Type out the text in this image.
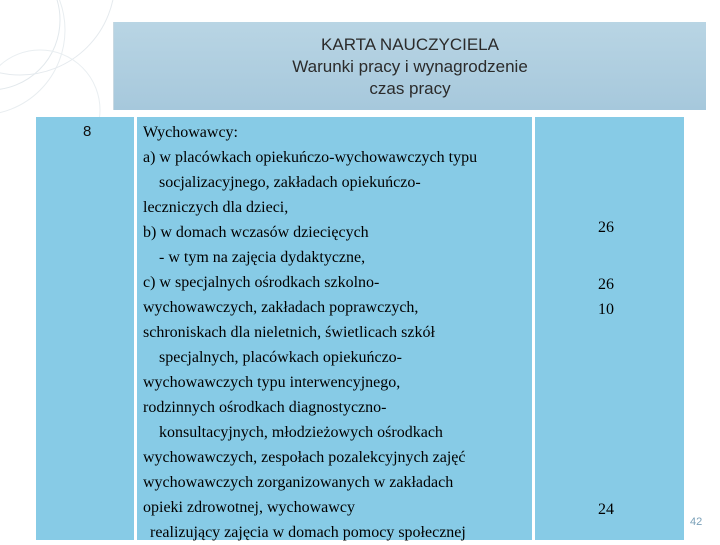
KARTA NAUCZYCIELA
Warunki pracy i wynagrodzenie
czas pracy
8	Wychowawcy:
a) w placówkach opiekuńczo-wychowawczych typu
socjalizacyjnego, zakładach opiekuńczo-
leczniczych dla dzieci,
b) w domach wczasów dziecięcych
- w tym na zajęcia dydaktyczne,
c) w specjalnych ośrodkach szkolno-
wychowawczych, zakładach poprawczych,
schroniskach dla nieletnich, świetlicach szkół
specjalnych, placówkach opiekuńczo-
wychowawczych typu interwencyjnego,
rodzinnych ośrodkach diagnostyczno-
konsultacyjnych, młodzieżowych ośrodkach
wychowawczych, zespołach pozalekcyjnych zajęć
wychowawczych zorganizowanych w zakładach
opieki zdrowotnej, wychowawcy
realizujący zajęcia w domach pomocy społecznej
26
26
10
24
42
